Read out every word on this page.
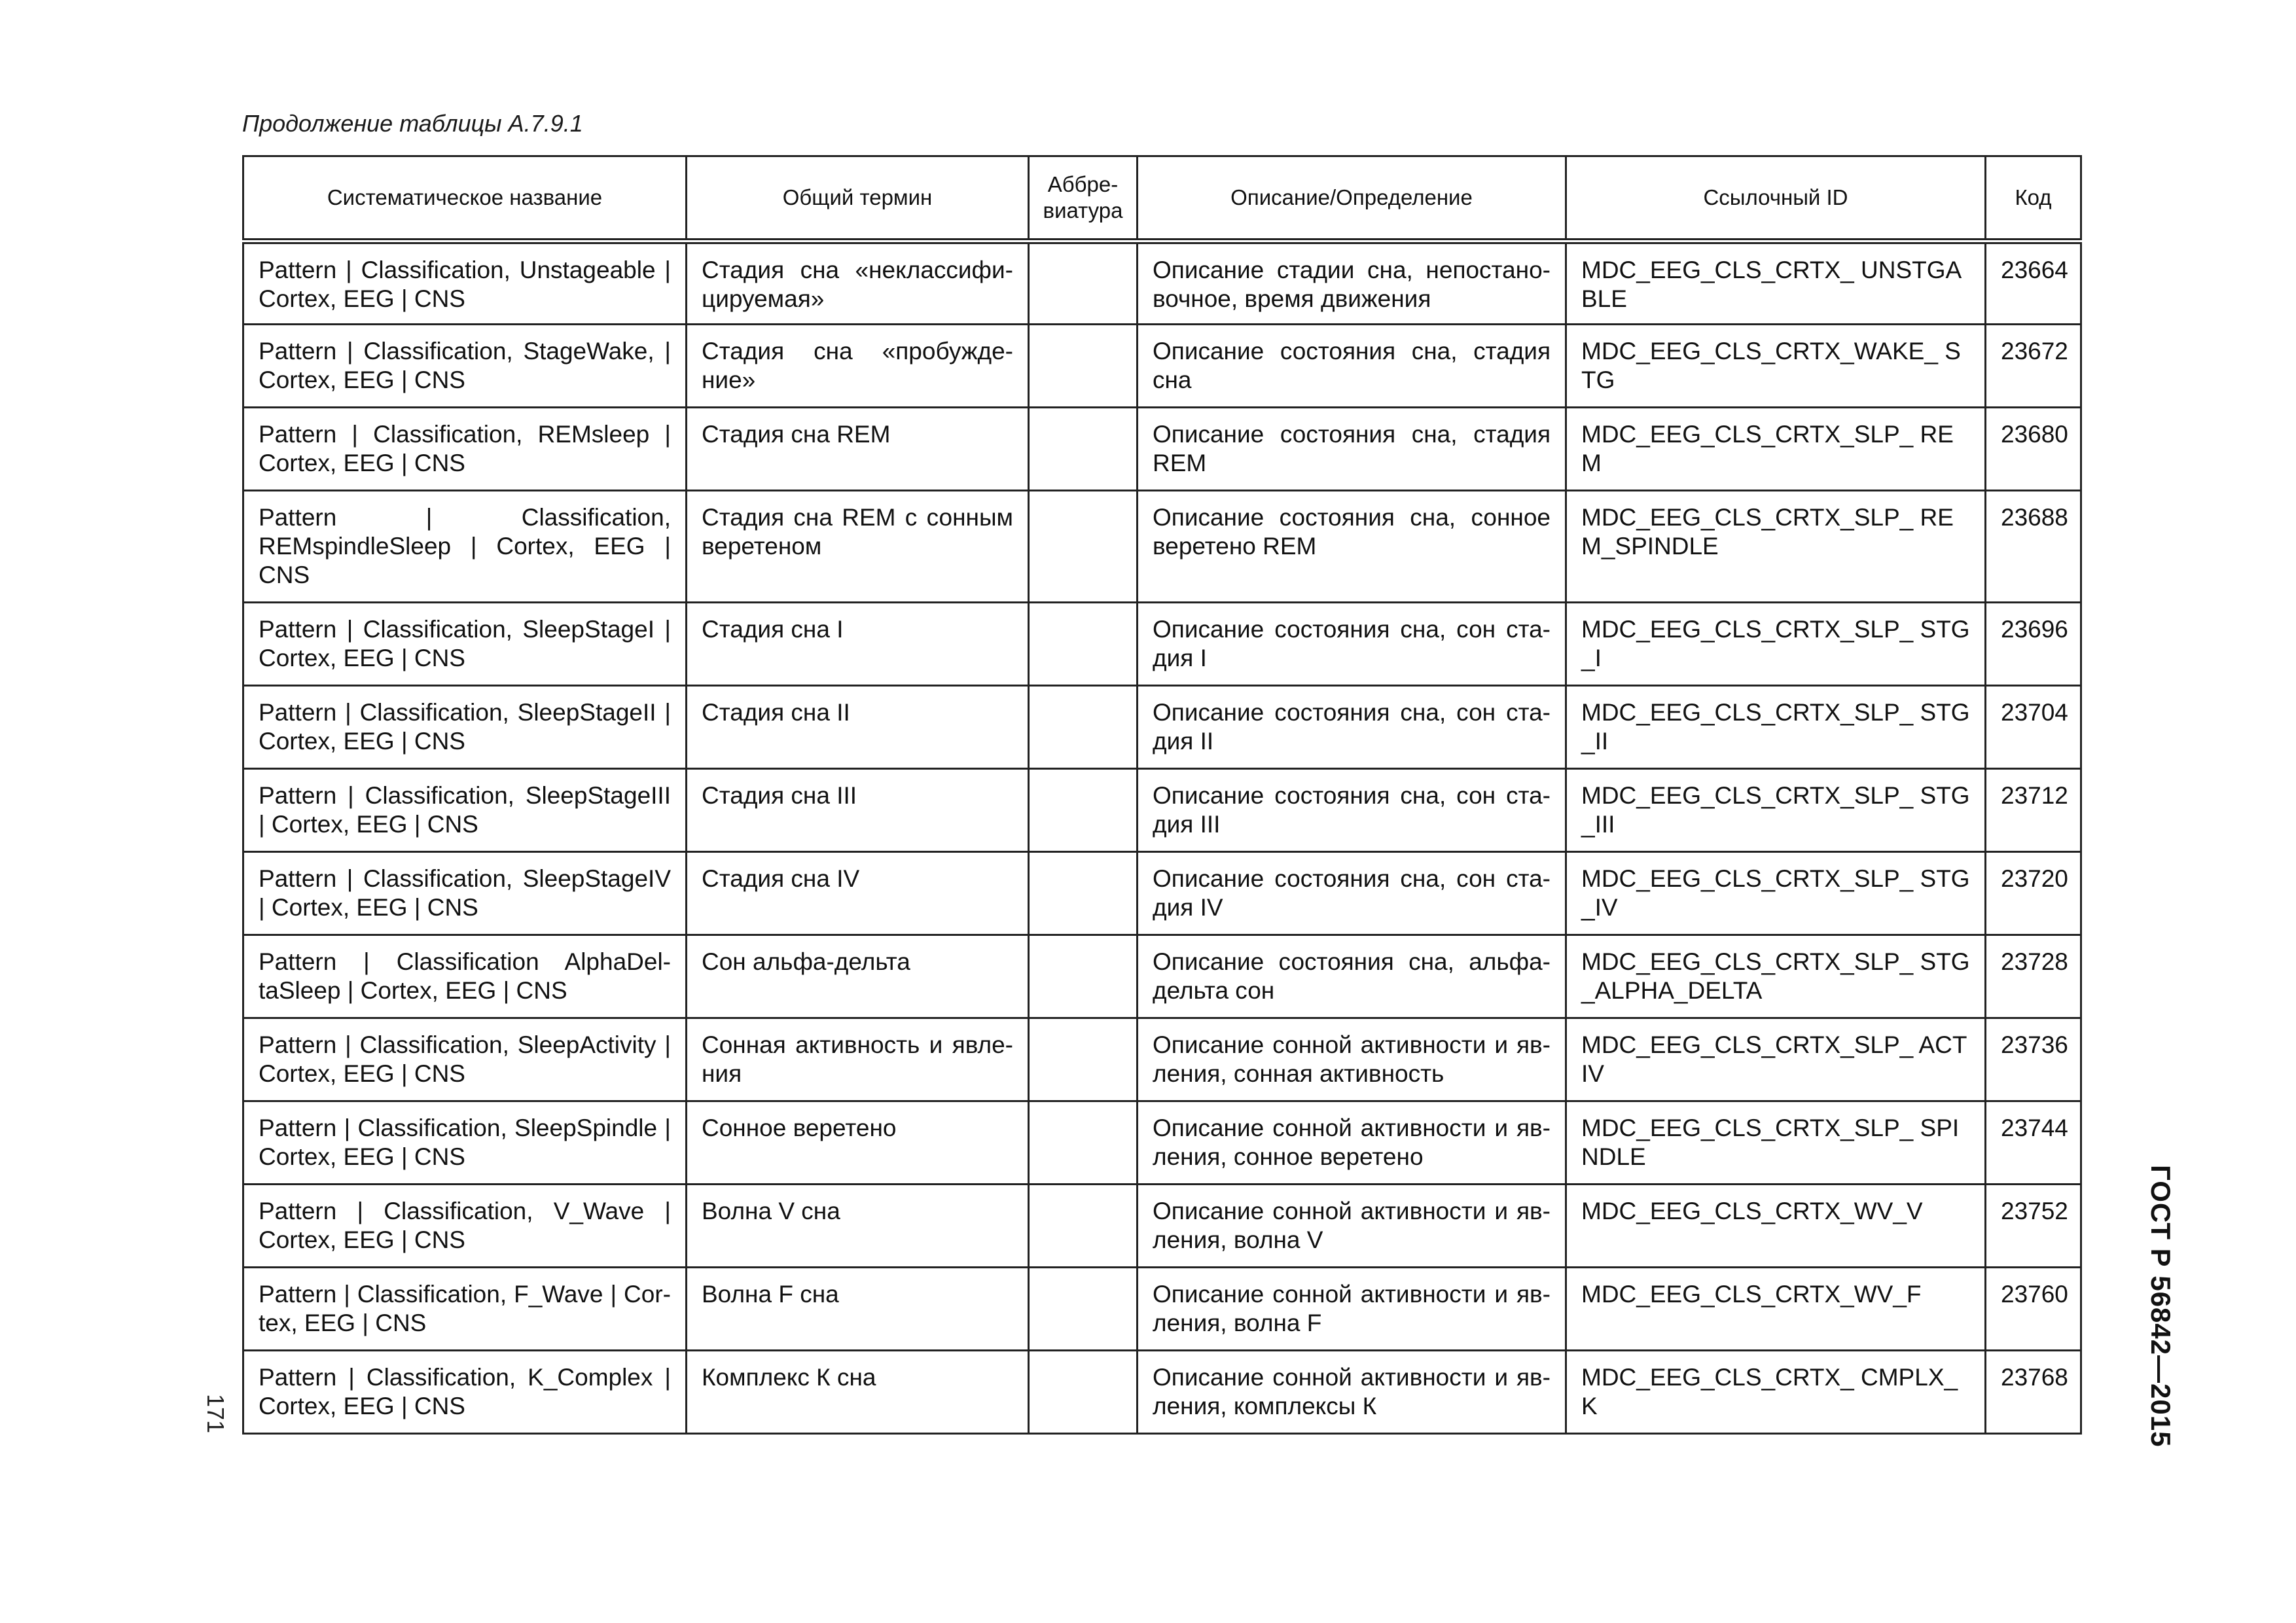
Продолжение таблицы А.7.9.1
Систематическое название	Общий термин	Аббре-виатура	Описание/Определение	Ссылочный ID	Код
Pattern | Classification, Unstageable | Cortex, EEG | CNS	Стадия сна «неклассифи-цируемая»		Описание стадии сна, непостано-вочное, время движения	MDC_EEG_CLS_CRTX_ UNSTGABLE	23664
Pattern | Classification, StageWake, | Cortex, EEG | CNS	Стадия сна «пробужде-ние»		Описание состояния сна, стадия сна	MDC_EEG_CLS_CRTX_WAKE_ STG	23672
Pattern | Classification, REMsleep | Cortex, EEG | CNS	Стадия сна REM		Описание состояния сна, стадия REM	MDC_EEG_CLS_CRTX_SLP_ REM	23680
Pattern | Classification, REMspindleSleep | Cortex, EEG | CNS	Стадия сна REM с сонным веретеном		Описание состояния сна, сонное веретено REM	MDC_EEG_CLS_CRTX_SLP_ REM_SPINDLE	23688
Pattern | Classification, SleepStageI | Cortex, EEG | CNS	Стадия сна I		Описание состояния сна, сон ста-дия I	MDC_EEG_CLS_CRTX_SLP_ STG_I	23696
Pattern | Classification, SleepStageII | Cortex, EEG | CNS	Стадия сна II		Описание состояния сна, сон ста-дия II	MDC_EEG_CLS_CRTX_SLP_ STG_II	23704
Pattern | Classification, SleepStageIII | Cortex, EEG | CNS	Стадия сна III		Описание состояния сна, сон ста-дия III	MDC_EEG_CLS_CRTX_SLP_ STG_III	23712
Pattern | Classification, SleepStageIV | Cortex, EEG | CNS	Стадия сна IV		Описание состояния сна, сон ста-дия IV	MDC_EEG_CLS_CRTX_SLP_ STG_IV	23720
Pattern | Classification AlphaDel-taSleep | Cortex, EEG | CNS	Сон альфа-дельта		Описание состояния сна, альфа-дельта сон	MDC_EEG_CLS_CRTX_SLP_ STG_ALPHA_DELTA	23728
Pattern | Classification, SleepActivity | Cortex, EEG | CNS	Сонная активность и явле-ния		Описание сонной активности и яв-ления, сонная активность	MDC_EEG_CLS_CRTX_SLP_ ACTIV	23736
Pattern | Classification, SleepSpindle | Cortex, EEG | CNS	Сонное веретено		Описание сонной активности и яв-ления, сонное веретено	MDC_EEG_CLS_CRTX_SLP_ SPINDLE	23744
Pattern | Classification, V_Wave | Cortex, EEG | CNS	Волна V сна		Описание сонной активности и яв-ления, волна V	MDC_EEG_CLS_CRTX_WV_V	23752
Pattern | Classification, F_Wave | Cor-tex, EEG | CNS	Волна F сна		Описание сонной активности и яв-ления, волна F	MDC_EEG_CLS_CRTX_WV_F	23760
Pattern | Classification, K_Complex | Cortex, EEG | CNS	Комплекс К сна		Описание сонной активности и яв-ления, комплексы К	MDC_EEG_CLS_CRTX_ CMPLX_K	23768	ГОСТ Р 56842—2015
171
